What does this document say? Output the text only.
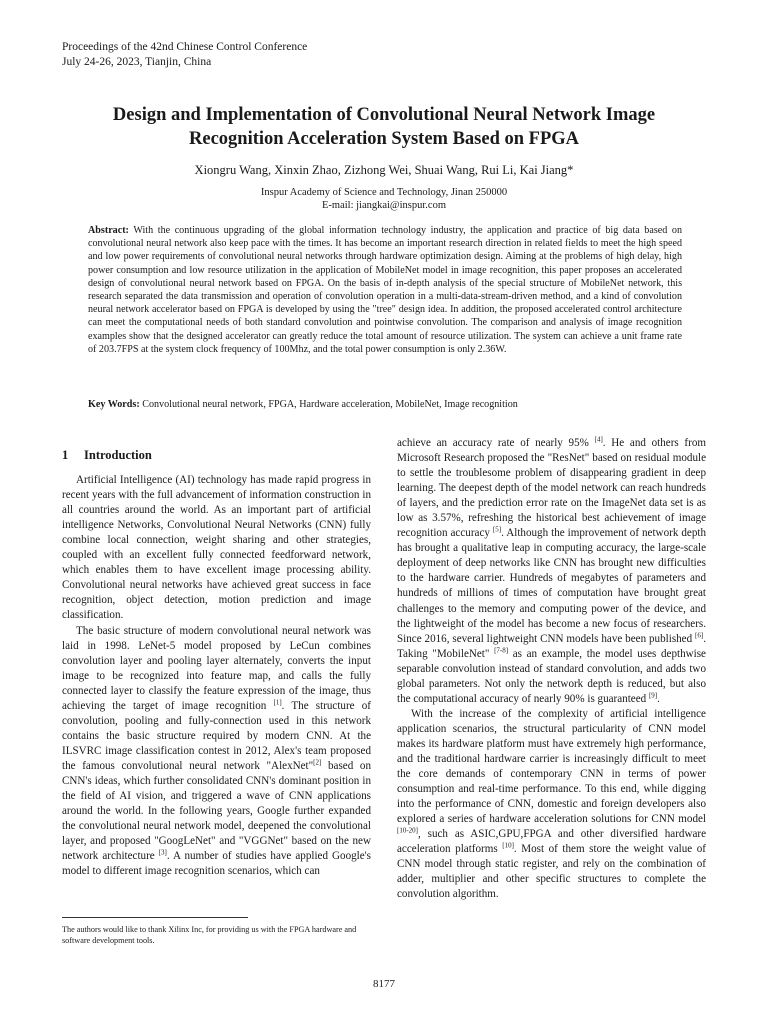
Proceedings of the 42nd Chinese Control Conference
July 24-26, 2023, Tianjin, China
Design and Implementation of Convolutional Neural Network Image
Recognition Acceleration System Based on FPGA
Xiongru Wang, Xinxin Zhao, Zizhong Wei, Shuai Wang, Rui Li, Kai Jiang*
Inspur Academy of Science and Technology, Jinan 250000
E-mail: jiangkai@inspur.com

Abstract: With the continuous upgrading of the global information technology industry, the application and practice of big data based on convolutional neural network also keep pace with the times. It has become an important research direction in related fields to meet the high speed and low power requirements of convolutional neural networks through hardware optimization design. Aiming at the problems of high delay, high power consumption and low resource utilization in the application of MobileNet model in image recognition, this paper proposes an accelerated design of convolutional neural network based on FPGA. On the basis of in-depth analysis of the special structure of MobileNet network, this research separated the data transmission and operation of convolution operation in a multi-data-stream-driven method, and a kind of convolution neural network accelerator based on FPGA is developed by using the "tree" design idea. In addition, the proposed accelerated control architecture can meet the computational needs of both standard convolution and pointwise convolution. The comparison and analysis of image recognition examples show that the designed accelerator can greatly reduce the total amount of resource utilization. The system can achieve a unit frame rate of 203.7FPS at the system clock frequency of 100Mhz, and the total power consumption is only 2.36W.

Key Words: Convolutional neural network, FPGA, Hardware acceleration, MobileNet, Image recognition

1 Introduction

Artificial Intelligence (AI) technology has made rapid progress in recent years with the full advancement of information construction in all countries around the world. As an important part of artificial intelligence Networks, Convolutional Neural Networks (CNN) fully combine local connection, weight sharing and other strategies, coupled with an excellent fully connected feedforward network, which enables them to have excellent image processing ability. Convolutional neural networks have achieved great success in face recognition, object detection, motion prediction and image classification.

The basic structure of modern convolutional neural network was laid in 1998. LeNet-5 model proposed by LeCun combines convolution layer and pooling layer alternately, converts the input image to be recognized into feature map, and calls the fully connected layer to classify the feature expression of the image, thus achieving the target of image recognition [1]. The structure of convolution, pooling and fully-connection used in this network contains the basic structure required by modern CNN. At the ILSVRC image classification contest in 2012, Alex's team proposed the famous convolutional neural network "AlexNet"[2] based on CNN's ideas, which further consolidated CNN's dominant position in the field of AI vision, and triggered a wave of CNN applications around the world. In the following years, Google further expanded the convolutional neural network model, deepened the convolutional layer, and proposed "GoogLeNet" and "VGGNet" based on the new network architecture [3]. A number of studies have applied Google's model to different image recognition scenarios, which can

achieve an accuracy rate of nearly 95% [4]. He and others from Microsoft Research proposed the "ResNet" based on residual module to settle the troublesome problem of disappearing gradient in deep learning. The deepest depth of the model network can reach hundreds of layers, and the prediction error rate on the ImageNet data set is as low as 3.57%, refreshing the historical best achievement of image recognition accuracy [5]. Although the improvement of network depth has brought a qualitative leap in computing accuracy, the large-scale deployment of deep networks like CNN has brought new difficulties to the hardware carrier. Hundreds of megabytes of parameters and hundreds of millions of times of computation have brought great challenges to the memory and computing power of the device, and the lightweight of the model has become a new focus of researchers. Since 2016, several lightweight CNN models have been published [6]. Taking "MobileNet" [7-8] as an example, the model uses depthwise separable convolution instead of standard convolution, and adds two global parameters. Not only the network depth is reduced, but also the computational accuracy of nearly 90% is guaranteed [9].

With the increase of the complexity of artificial intelligence application scenarios, the structural particularity of CNN model makes its hardware platform must have extremely high performance, and the traditional hardware carrier is increasingly difficult to meet the core demands of contemporary CNN in terms of power consumption and real-time performance. To this end, while digging into the performance of CNN, domestic and foreign developers also explored a series of hardware acceleration solutions for CNN model [10-20], such as ASIC,GPU,FPGA and other diversified hardware acceleration platforms [10]. Most of them store the weight value of CNN model through static register, and rely on the combination of adder, multiplier and other specific structures to complete the convolution algorithm.

The authors would like to thank Xilinx Inc, for providing us with the FPGA hardware and software development tools.

8177
